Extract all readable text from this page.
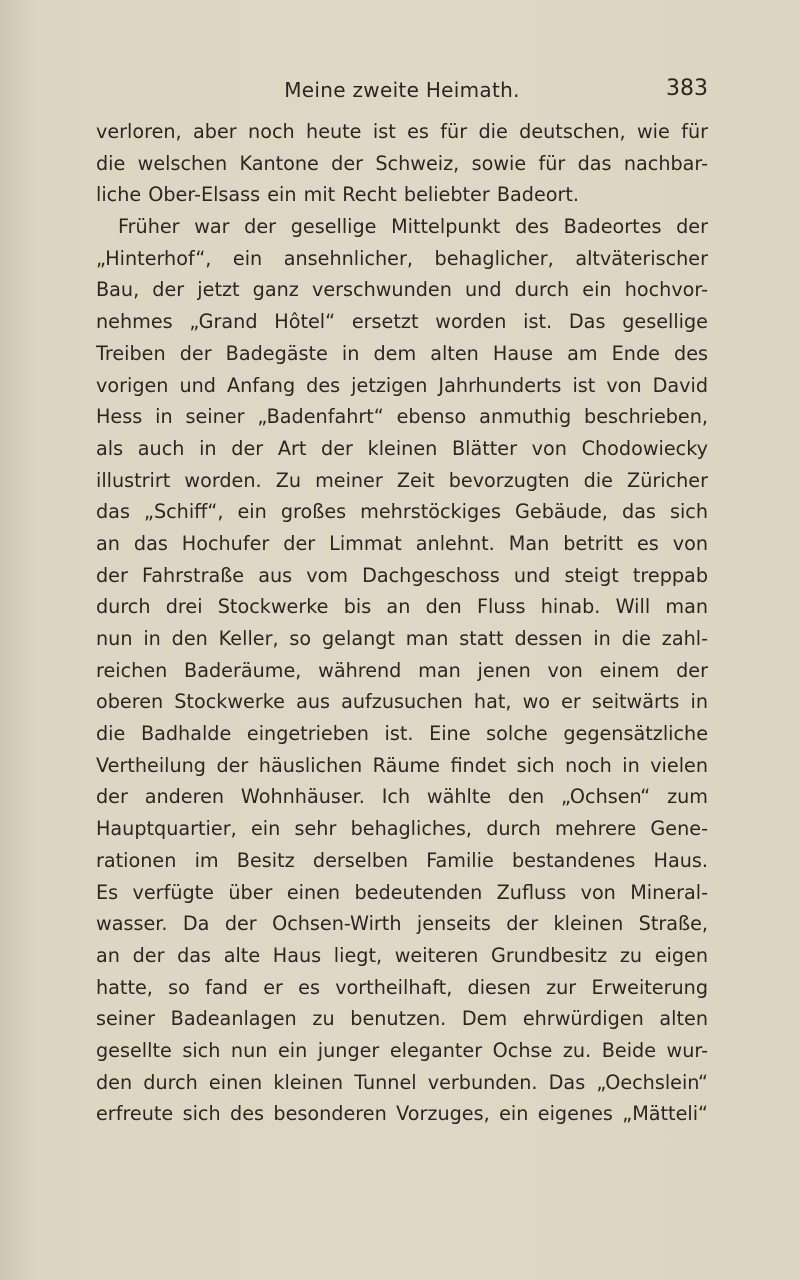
Meine zweite Heimath.	383
verloren, aber noch heute ist es für die deutschen, wie für
die welschen Kantone der Schweiz, sowie für das nachbar-
liche Ober-Elsass ein mit Recht beliebter Badeort.
Früher war der gesellige Mittelpunkt des Badeortes der
„Hinterhof“, ein ansehnlicher, behaglicher, altväterischer
Bau, der jetzt ganz verschwunden und durch ein hochvor-
nehmes „Grand Hôtel“ ersetzt worden ist. Das gesellige
Treiben der Badegäste in dem alten Hause am Ende des
vorigen und Anfang des jetzigen Jahrhunderts ist von David
Hess in seiner „Badenfahrt“ ebenso anmuthig beschrieben,
als auch in der Art der kleinen Blätter von Chodowiecky
illustrirt worden. Zu meiner Zeit bevorzugten die Züricher
das „Schiff“, ein großes mehrstöckiges Gebäude, das sich
an das Hochufer der Limmat anlehnt. Man betritt es von
der Fahrstraße aus vom Dachgeschoss und steigt treppab
durch drei Stockwerke bis an den Fluss hinab. Will man
nun in den Keller, so gelangt man statt dessen in die zahl-
reichen Baderäume, während man jenen von einem der
oberen Stockwerke aus aufzusuchen hat, wo er seitwärts in
die Badhalde eingetrieben ist. Eine solche gegensätzliche
Vertheilung der häuslichen Räume findet sich noch in vielen
der anderen Wohnhäuser. Ich wählte den „Ochsen“ zum
Hauptquartier, ein sehr behagliches, durch mehrere Gene-
rationen im Besitz derselben Familie bestandenes Haus.
Es verfügte über einen bedeutenden Zufluss von Mineral-
wasser. Da der Ochsen-Wirth jenseits der kleinen Straße,
an der das alte Haus liegt, weiteren Grundbesitz zu eigen
hatte, so fand er es vortheilhaft, diesen zur Erweiterung
seiner Badeanlagen zu benutzen. Dem ehrwürdigen alten
gesellte sich nun ein junger eleganter Ochse zu. Beide wur-
den durch einen kleinen Tunnel verbunden. Das „Oechslein“
erfreute sich des besonderen Vorzuges, ein eigenes „Mätteli“
